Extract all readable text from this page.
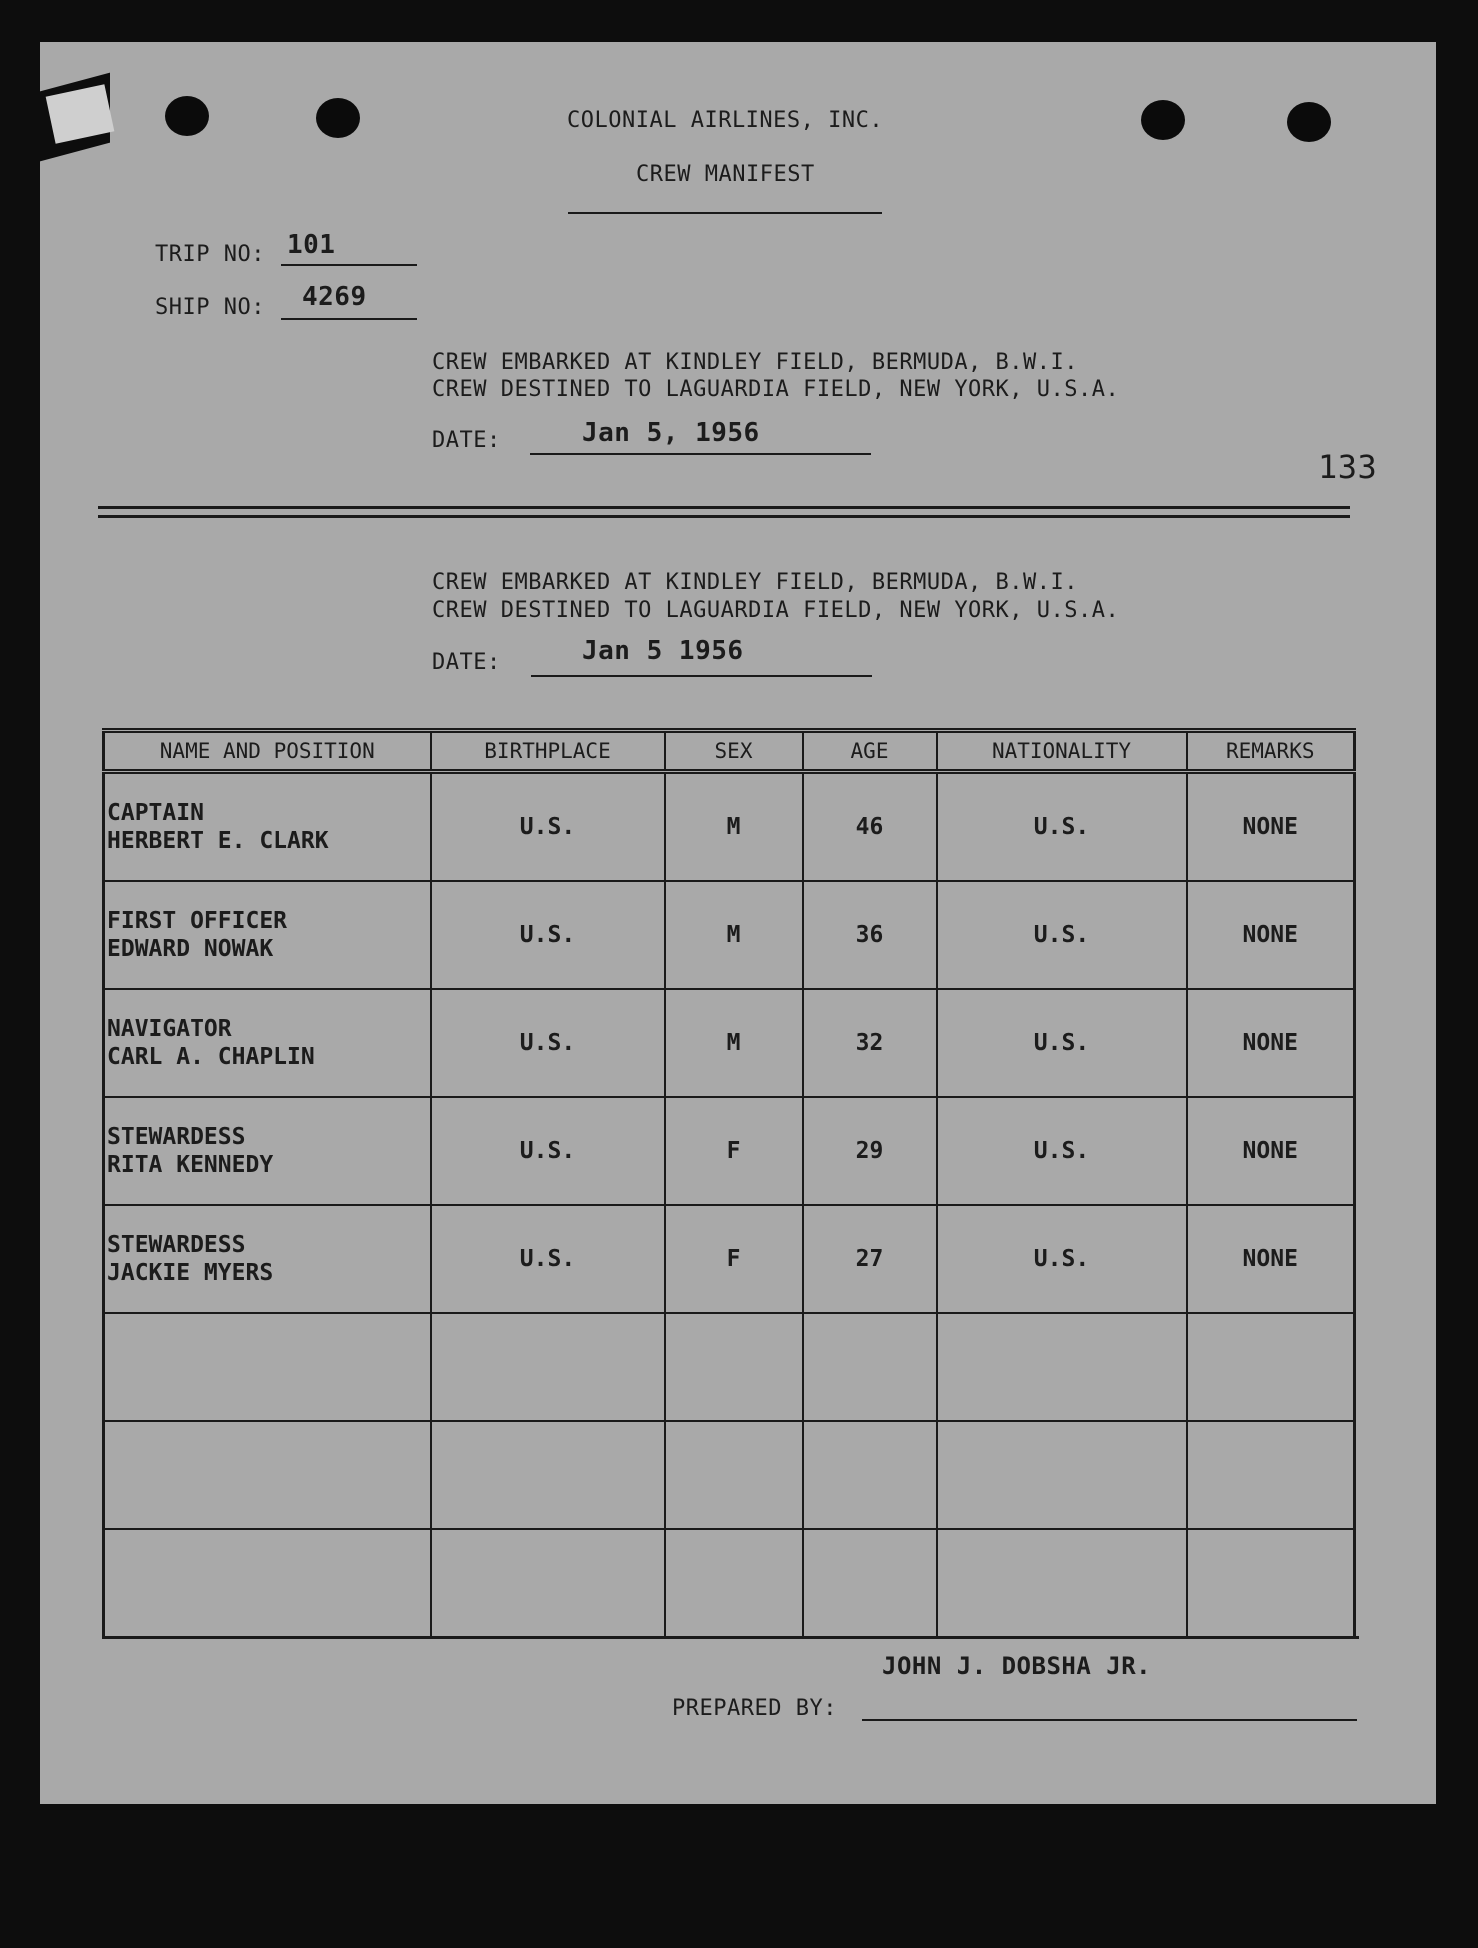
COLONIAL AIRLINES, INC.
CREW MANIFEST
TRIP NO: 101
SHIP NO: 4269
CREW EMBARKED AT KINDLEY FIELD, BERMUDA, B.W.I.
CREW DESTINED TO LAGUARDIA FIELD, NEW YORK, U.S.A.
DATE:	Jan 5, 1956
133
CREW EMBARKED AT KINDLEY FIELD, BERMUDA, B.W.I.
CREW DESTINED TO LAGUARDIA FIELD, NEW YORK, U.S.A.
DATE:	Jan 5 1956
JOHN J. DOBSHA JR.
PREPARED BY:
NAME AND POSITION	BIRTHPLACE	SEX	AGE	NATIONALITY	REMARKS

CAPTAIN
HERBERT E. CLARK	U.S.	M	46	U.S.	NONE

FIRST OFFICER
EDWARD NOWAK	U.S.	M	36	U.S.	NONE

NAVIGATOR
CARL A. CHAPLIN	U.S.	M	32	U.S.	NONE

STEWARDESS
RITA KENNEDY	U.S.	F	29	U.S.	NONE

STEWARDESS
JACKIE MYERS	U.S.	F	27	U.S.	NONE
